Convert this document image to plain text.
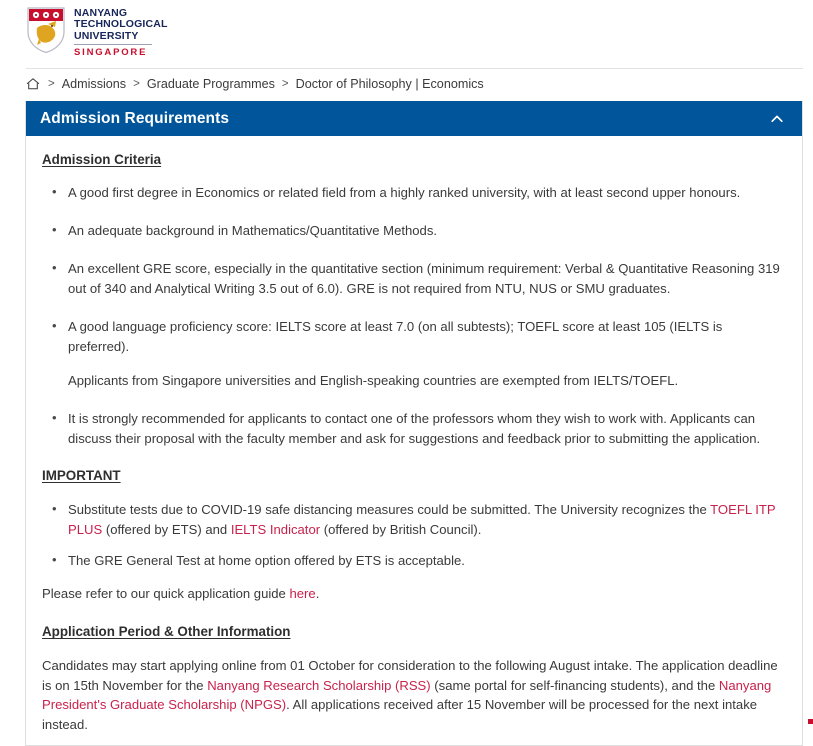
NANYANG
TECHNOLOGICAL
UNIVERSITY
SINGAPORE
> Admissions > Graduate Programmes > Doctor of Philosophy | Economics
Admission Requirements
Admission Criteria
• A good first degree in Economics or related field from a highly ranked university, with at least second upper honours.
• An adequate background in Mathematics/Quantitative Methods.
• An excellent GRE score, especially in the quantitative section (minimum requirement: Verbal & Quantitative Reasoning 319 out of 340 and Analytical Writing 3.5 out of 6.0). GRE is not required from NTU, NUS or SMU graduates.
• A good language proficiency score: IELTS score at least 7.0 (on all subtests); TOEFL score at least 105 (IELTS is preferred).
Applicants from Singapore universities and English-speaking countries are exempted from IELTS/TOEFL.
• It is strongly recommended for applicants to contact one of the professors whom they wish to work with. Applicants can discuss their proposal with the faculty member and ask for suggestions and feedback prior to submitting the application.
IMPORTANT
• Substitute tests due to COVID-19 safe distancing measures could be submitted. The University recognizes the TOEFL ITP PLUS (offered by ETS) and IELTS Indicator (offered by British Council).
• The GRE General Test at home option offered by ETS is acceptable.

Please refer to our quick application guide here.

Application Period & Other Information

Candidates may start applying online from 01 October for consideration to the following August intake. The application deadline is on 15th November for the Nanyang Research Scholarship (RSS) (same portal for self-financing students), and the Nanyang President's Graduate Scholarship (NPGS). All applications received after 15 November will be processed for the next intake instead.
